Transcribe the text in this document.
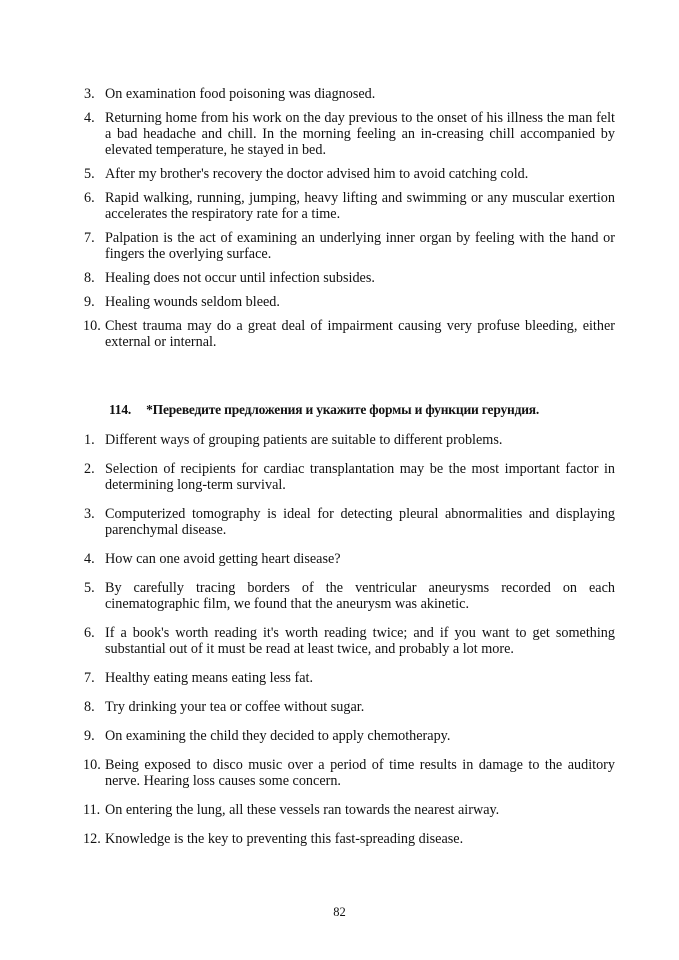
3. On examination food poisoning was diagnosed.
4. Returning home from his work on the day previous to the onset of his illness the man felt a bad headache and chill. In the morning feeling an in-creasing chill accompanied by elevated temperature, he stayed in bed.
5. After my brother's recovery the doctor advised him to avoid catching cold.
6. Rapid walking, running, jumping, heavy lifting and swimming or any muscular exertion accelerates the respiratory rate for a time.
7. Palpation is the act of examining an underlying inner organ by feeling with the hand or fingers the overlying surface.
8. Healing does not occur until infection subsides.
9. Healing wounds seldom bleed.
10. Chest trauma may do a great deal of impairment causing very profuse bleeding, either external or internal.
114. *Переведите предложения и укажите формы и функции герундия.
1. Different ways of grouping patients are suitable to different problems.
2. Selection of recipients for cardiac transplantation may be the most important factor in determining long-term survival.
3. Computerized tomography is ideal for detecting pleural abnormalities and displaying parenchymal disease.
4. How can one avoid getting heart disease?
5. By carefully tracing borders of the ventricular aneurysms recorded on each cinematographic film, we found that the aneurysm was akinetic.
6. If a book's worth reading it's worth reading twice; and if you want to get something substantial out of it must be read at least twice, and probably a lot more.
7. Healthy eating means eating less fat.
8. Try drinking your tea or coffee without sugar.
9. On examining the child they decided to apply chemotherapy.
10. Being exposed to disco music over a period of time results in damage to the auditory nerve. Hearing loss causes some concern.
11. On entering the lung, all these vessels ran towards the nearest airway.
12. Knowledge is the key to preventing this fast-spreading disease.
82
